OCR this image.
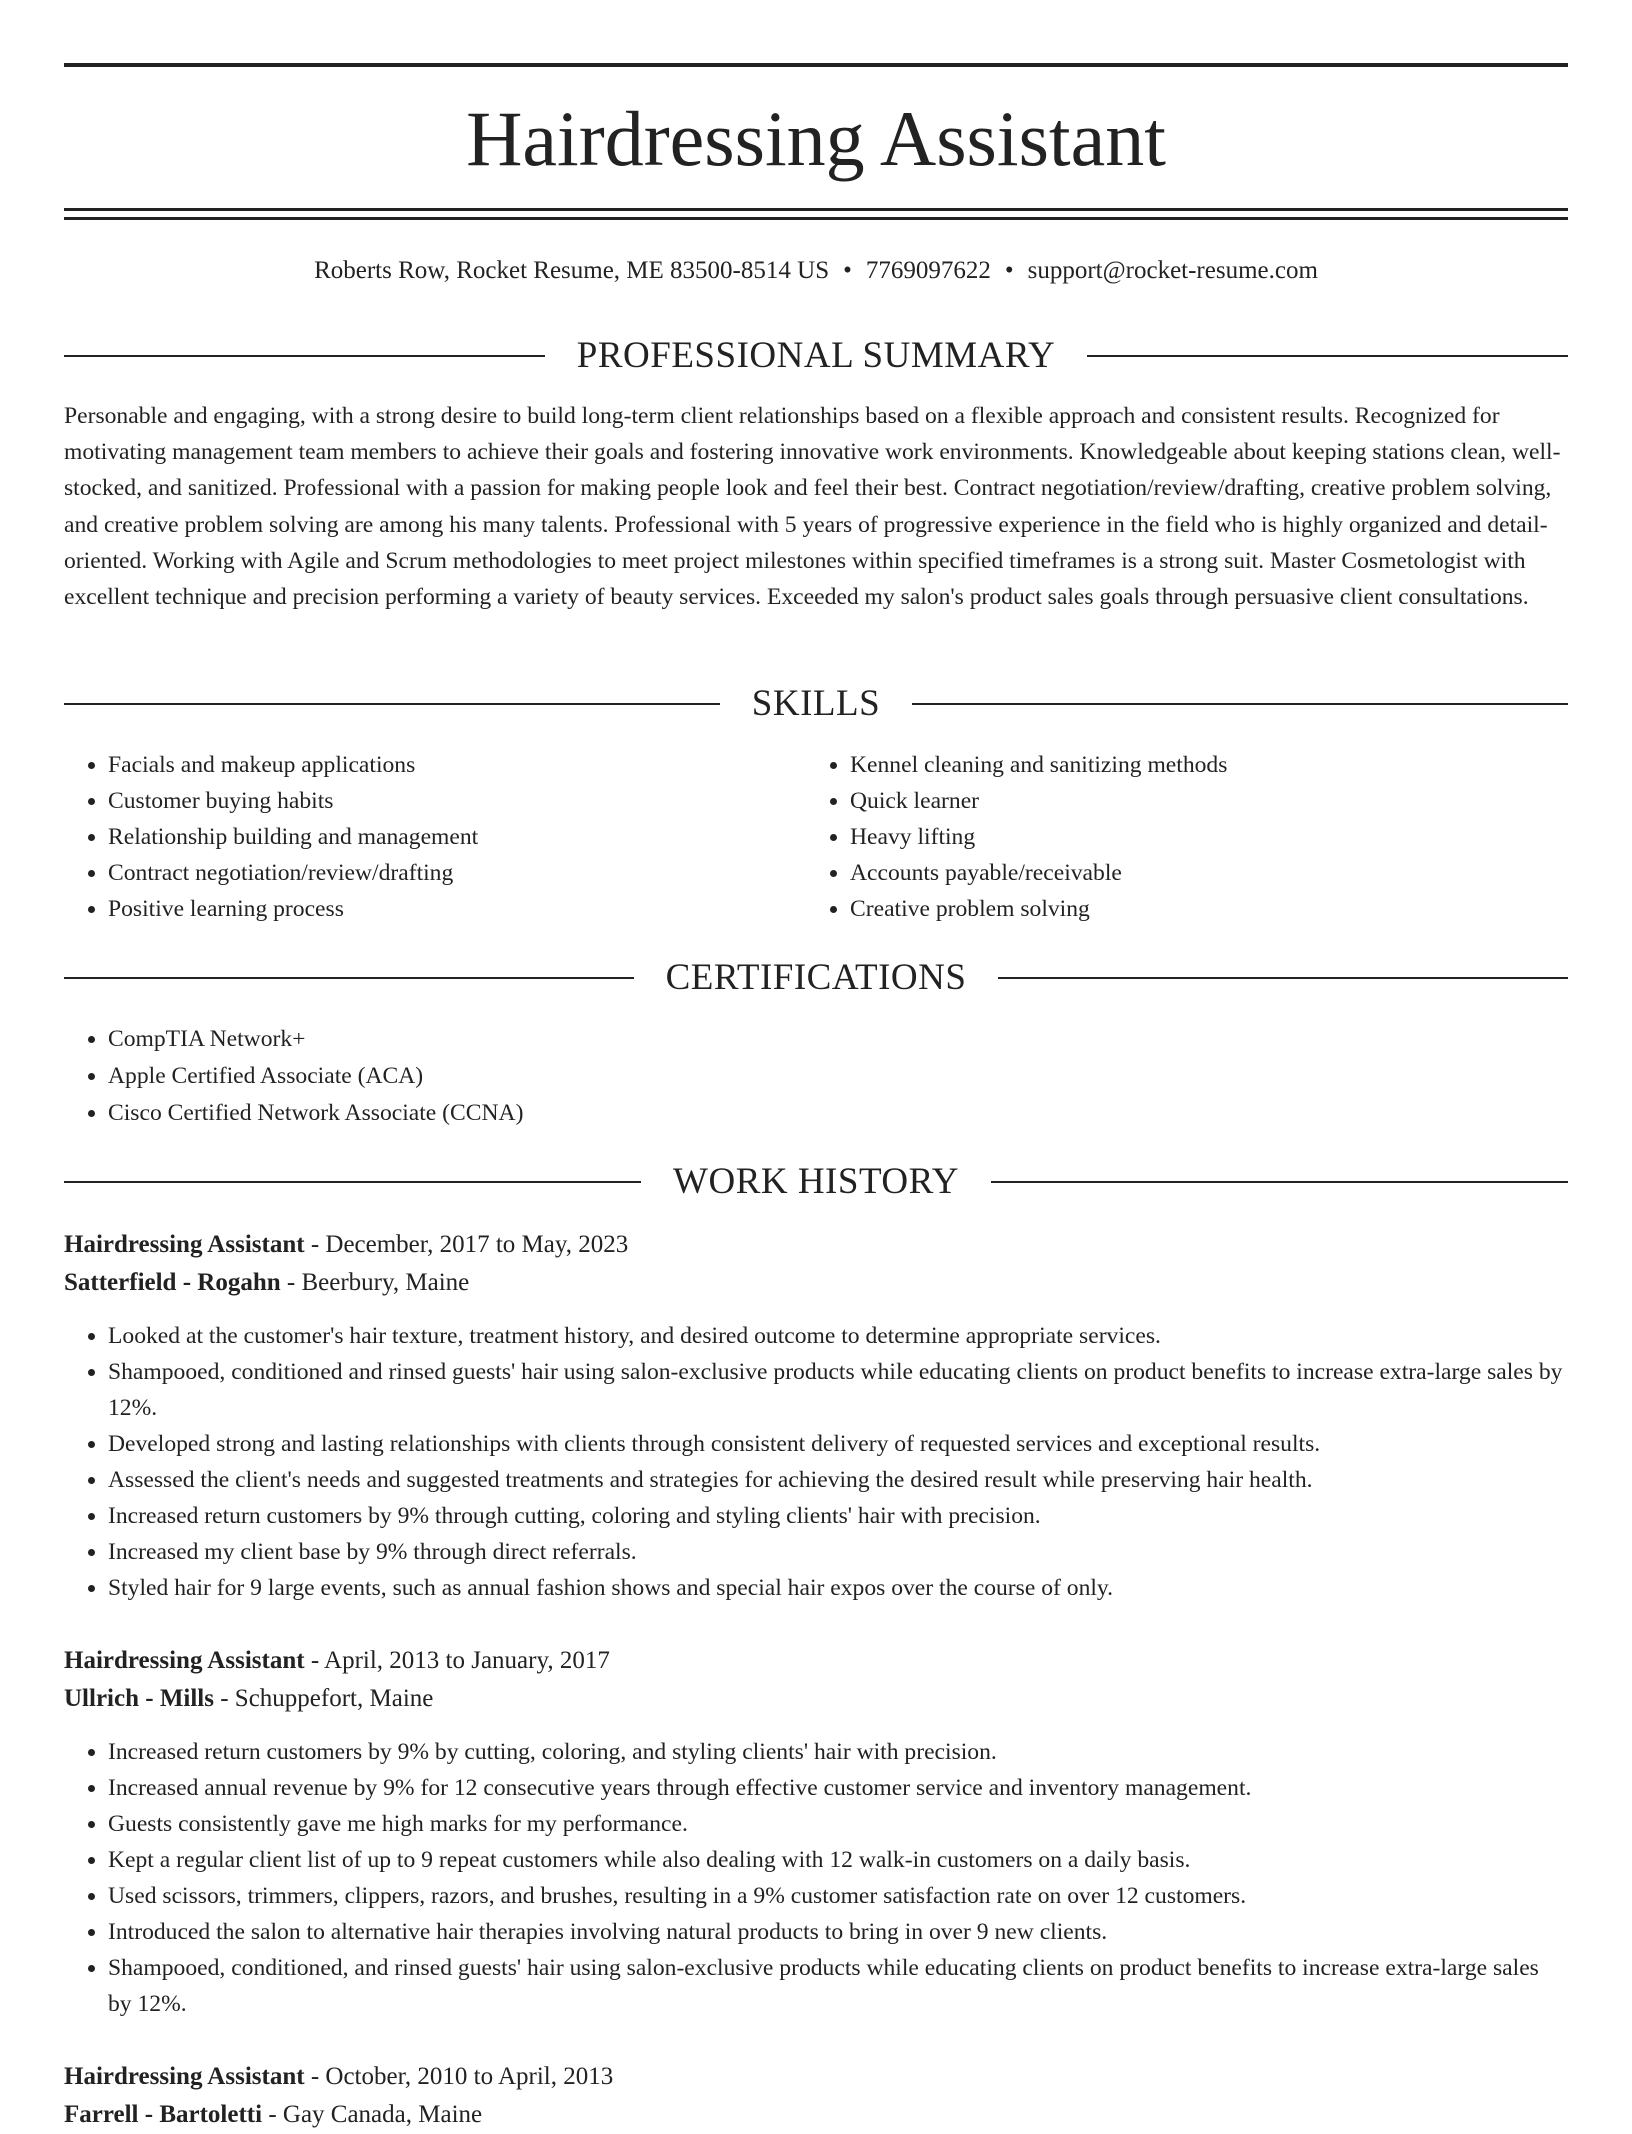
Hairdressing Assistant
Roberts Row, Rocket Resume, ME 83500-8514 US • 7769097622 • support@rocket-resume.com
PROFESSIONAL SUMMARY

Personable and engaging, with a strong desire to build long-term client relationships based on a flexible approach and consistent results. Recognized for motivating management team members to achieve their goals and fostering innovative work environments. Knowledgeable about keeping stations clean, well-stocked, and sanitized. Professional with a passion for making people look and feel their best. Contract negotiation/review/drafting, creative problem solving, and creative problem solving are among his many talents. Professional with 5 years of progressive experience in the field who is highly organized and detail-oriented. Working with Agile and Scrum methodologies to meet project milestones within specified timeframes is a strong suit. Master Cosmetologist with excellent technique and precision performing a variety of beauty services. Exceeded my salon's product sales goals through persuasive client consultations.

SKILLS
• Facials and makeup applications
• Customer buying habits
• Relationship building and management
• Contract negotiation/review/drafting
• Positive learning process
• Kennel cleaning and sanitizing methods
• Quick learner
• Heavy lifting
• Accounts payable/receivable
• Creative problem solving
CERTIFICATIONS
• CompTIA Network+
• Apple Certified Associate (ACA)
• Cisco Certified Network Associate (CCNA)
WORK HISTORY
Hairdressing Assistant - December, 2017 to May, 2023
Satterfield - Rogahn - Beerbury, Maine
• Looked at the customer's hair texture, treatment history, and desired outcome to determine appropriate services.
• Shampooed, conditioned and rinsed guests' hair using salon-exclusive products while educating clients on product benefits to increase extra-large sales by 12%.
• Developed strong and lasting relationships with clients through consistent delivery of requested services and exceptional results.
• Assessed the client's needs and suggested treatments and strategies for achieving the desired result while preserving hair health.
• Increased return customers by 9% through cutting, coloring and styling clients' hair with precision.
• Increased my client base by 9% through direct referrals.
• Styled hair for 9 large events, such as annual fashion shows and special hair expos over the course of only.
Hairdressing Assistant - April, 2013 to January, 2017
Ullrich - Mills - Schuppefort, Maine
• Increased return customers by 9% by cutting, coloring, and styling clients' hair with precision.
• Increased annual revenue by 9% for 12 consecutive years through effective customer service and inventory management.
• Guests consistently gave me high marks for my performance.
• Kept a regular client list of up to 9 repeat customers while also dealing with 12 walk-in customers on a daily basis.
• Used scissors, trimmers, clippers, razors, and brushes, resulting in a 9% customer satisfaction rate on over 12 customers.
• Introduced the salon to alternative hair therapies involving natural products to bring in over 9 new clients.
• Shampooed, conditioned, and rinsed guests' hair using salon-exclusive products while educating clients on product benefits to increase extra-large sales by 12%.
Hairdressing Assistant - October, 2010 to April, 2013
Farrell - Bartoletti - Gay Canada, Maine
